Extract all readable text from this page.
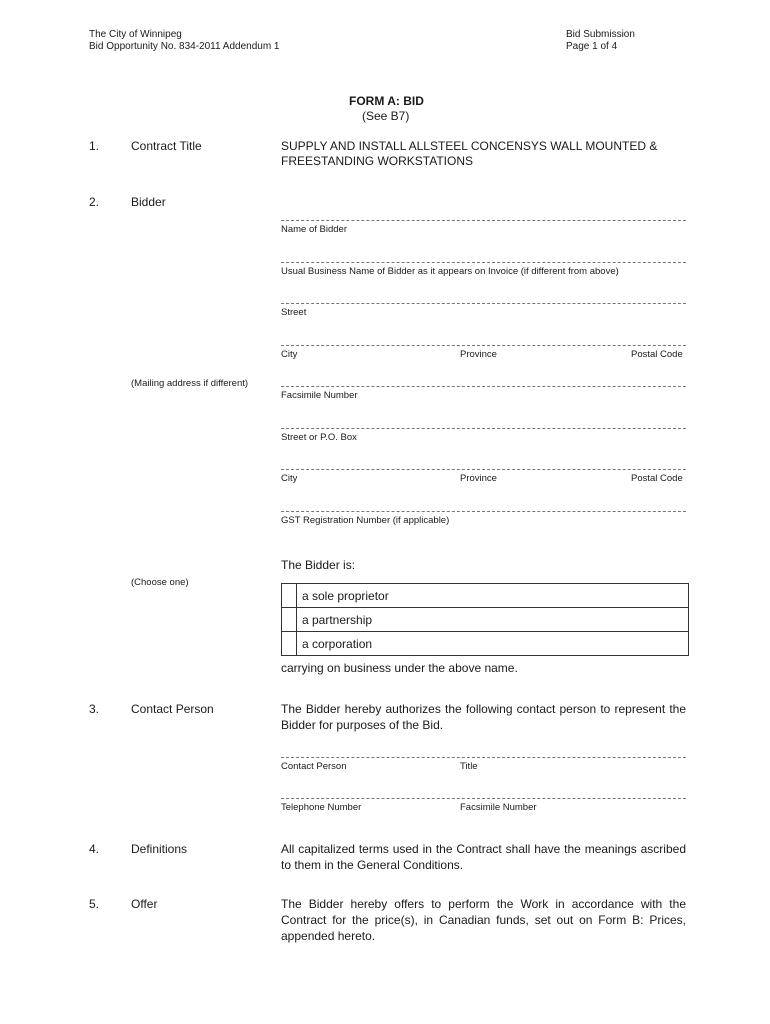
The City of Winnipeg
Bid Opportunity No. 834-2011 Addendum 1
Bid Submission
Page 1 of 4
FORM A: BID
(See B7)
1.	Contract Title	SUPPLY AND INSTALL ALLSTEEL CONCENSYS WALL MOUNTED &
FREESTANDING WORKSTATIONS
2.	Bidder
Name of Bidder
Usual Business Name of Bidder as it appears on Invoice (if different from above)
Street
City	Province	Postal Code
(Mailing address if different)
Facsimile Number
Street or P.O. Box
City	Province	Postal Code
GST Registration Number (if applicable)
The Bidder is:
(Choose one)
	a sole proprietor
	a partnership
	a corporation
carrying on business under the above name.
3.	Contact Person	The Bidder hereby authorizes the following contact person to represent the Bidder for purposes of the Bid.
Contact Person	Title
Telephone Number	Facsimile Number
4.	Definitions	All capitalized terms used in the Contract shall have the meanings ascribed to them in the General Conditions.
5.	Offer	The Bidder hereby offers to perform the Work in accordance with the Contract for the price(s), in Canadian funds, set out on Form B: Prices, appended hereto.
